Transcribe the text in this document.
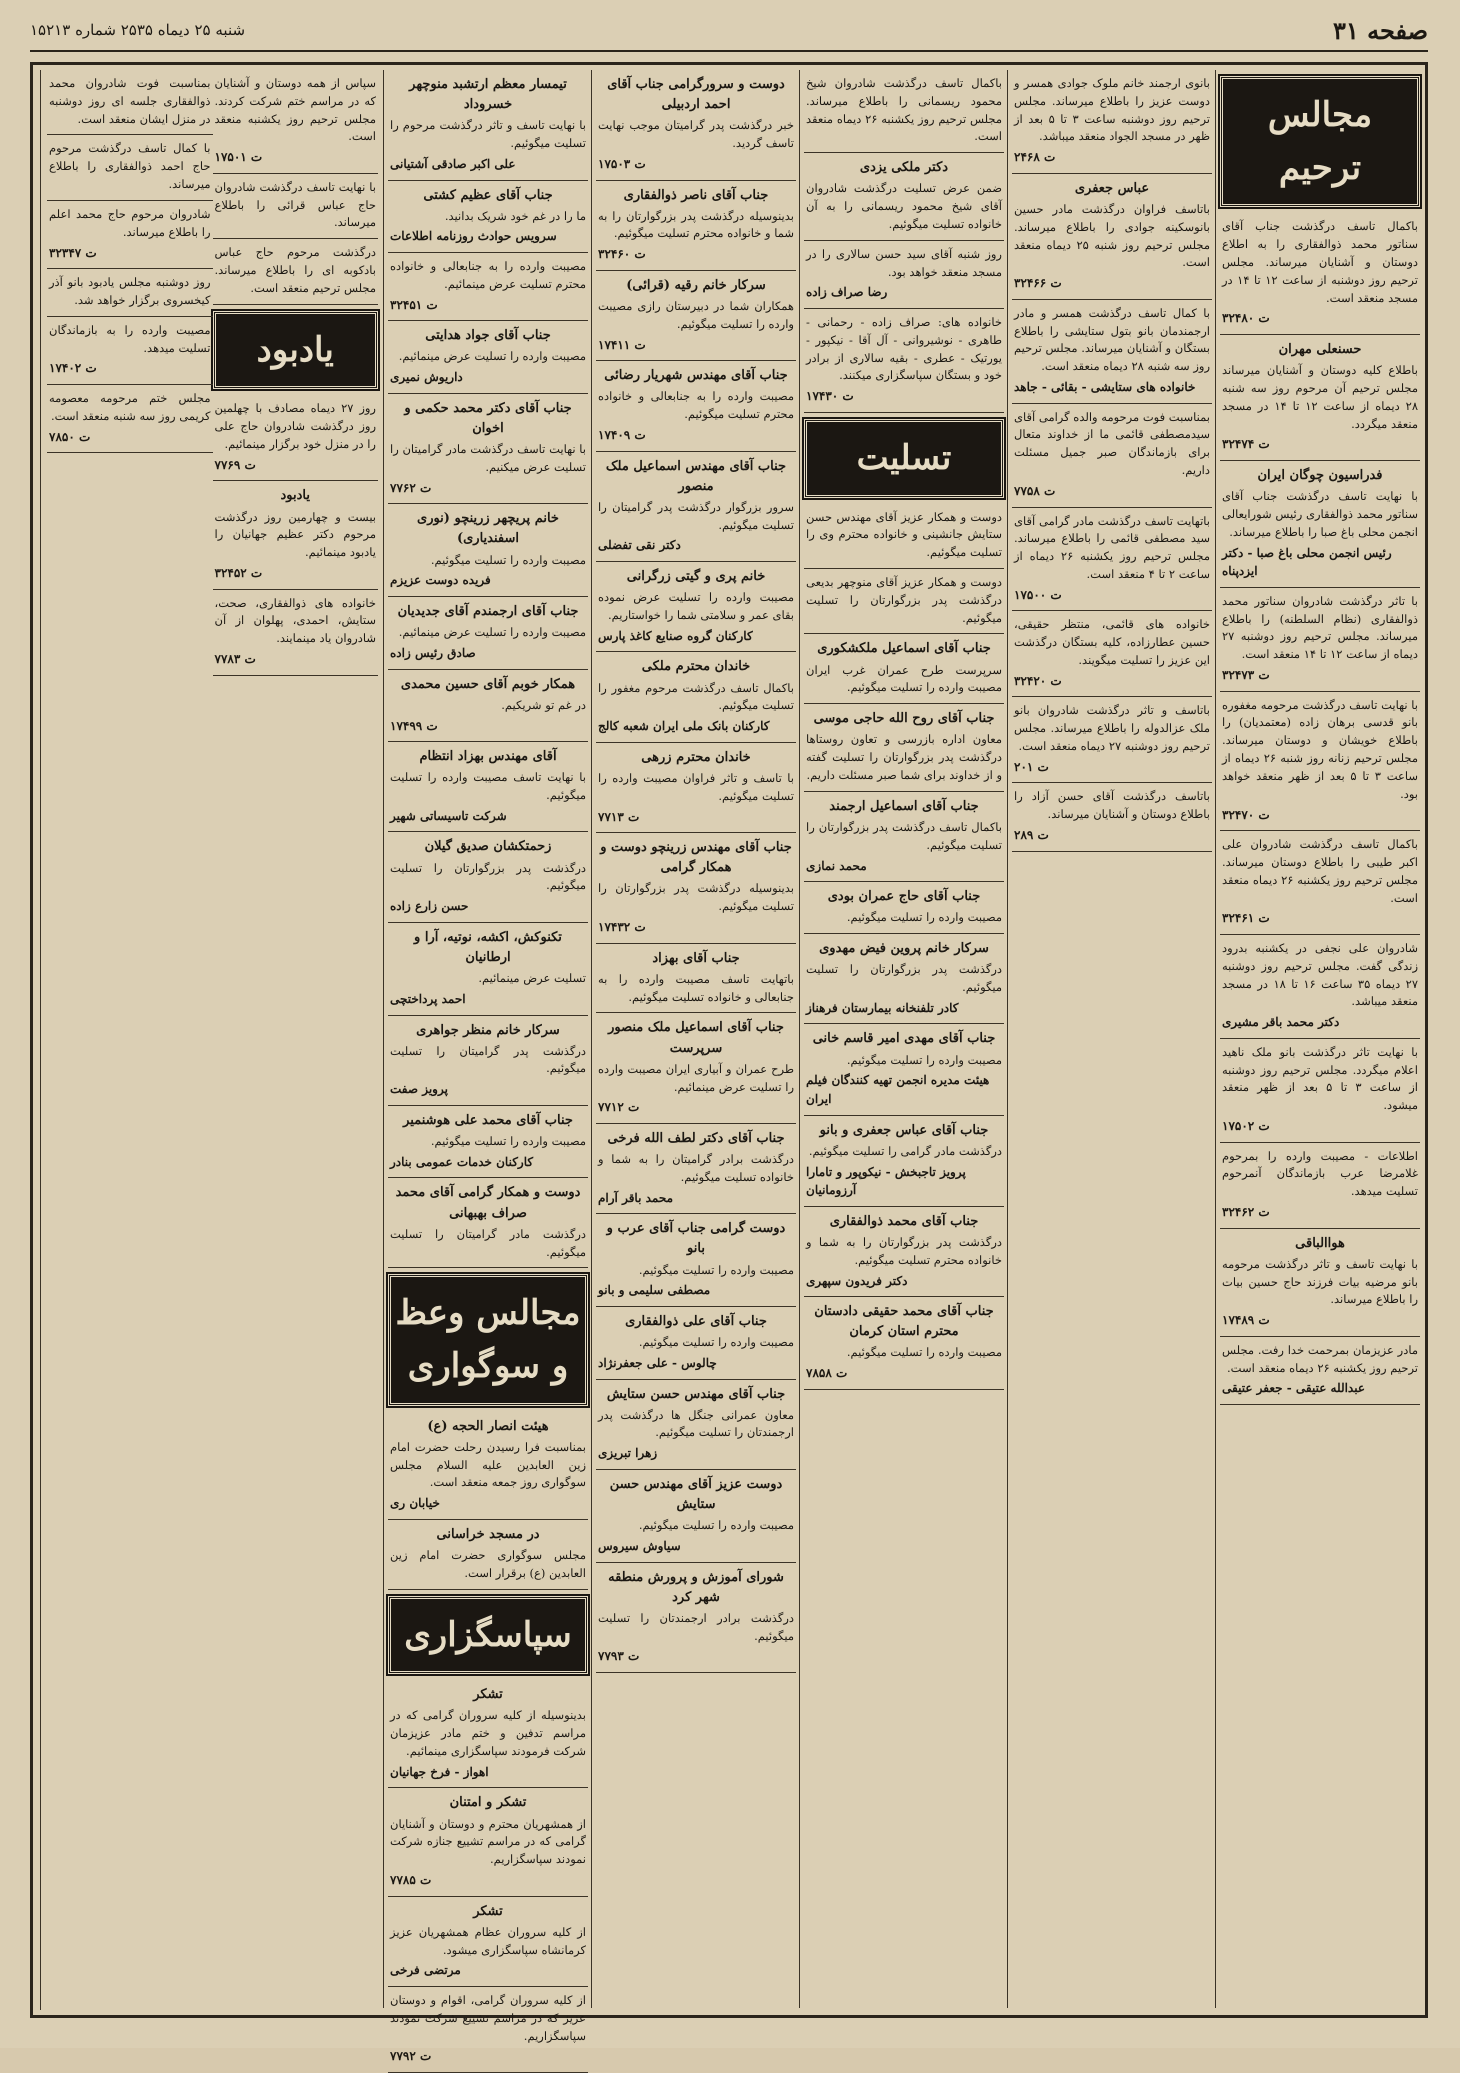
صفحه ۳۱
شنبه ۲۵ دیماه ۲۵۳۵ شماره ۱۵۲۱۳
مجالس ترحیم
باکمال تاسف درگذشت جناب آقای سناتور محمد ذوالفقاری را به اطلاع دوستان و آشنایان میرساند. مجلس ترحیم روز دوشنبه از ساعت ۱۲ تا ۱۴ در مسجد منعقد است.
ت ۳۲۴۸۰
حسنعلی مهران
باطلاع کلیه دوستان و آشنایان میرساند مجلس ترحیم آن مرحوم روز سه شنبه ۲۸ دیماه از ساعت ۱۲ تا ۱۴ در مسجد منعقد میگردد.
ت ۳۲۴۷۴
فدراسیون چوگان ایران
با نهایت تاسف درگذشت جناب آقای سناتور محمد ذوالفقاری رئیس شورایعالی انجمن محلی باغ صبا را باطلاع میرساند.
رئیس انجمن محلی باغ صبا - دکتر ایزدپناه
با تاثر درگذشت شادروان سناتور محمد ذوالفقاری (نظام السلطنه) را باطلاع میرساند. مجلس ترحیم روز دوشنبه ۲۷ دیماه از ساعت ۱۲ تا ۱۴ منعقد است.
ت ۳۲۴۷۳
با نهایت تاسف درگذشت مرحومه مغفوره بانو قدسی برهان زاده (معتمدیان) را باطلاع خویشان و دوستان میرساند. مجلس ترحیم زنانه روز شنبه ۲۶ دیماه از ساعت ۳ تا ۵ بعد از ظهر منعقد خواهد بود.
ت ۳۲۴۷۰
باکمال تاسف درگذشت شادروان علی اکبر طیبی را باطلاع دوستان میرساند. مجلس ترحیم روز یکشنبه ۲۶ دیماه منعقد است.
ت ۳۲۴۶۱
شادروان علی نجفی در یکشنبه بدرود زندگی گفت. مجلس ترحیم روز دوشنبه ۲۷ دیماه ۳۵ ساعت ۱۶ تا ۱۸ در مسجد منعقد میباشد.
دکتر محمد باقر مشیری
با نهایت تاثر درگذشت بانو ملک ناهید اعلام میگردد. مجلس ترحیم روز دوشنبه از ساعت ۳ تا ۵ بعد از ظهر منعقد میشود.
ت ۱۷۵۰۲
اطلاعات - مصیبت وارده را بمرحوم غلامرضا عرب بازماندگان آنمرحوم تسلیت میدهد.
ت ۳۲۴۶۲
هواالباقی
با نهایت تاسف و تاثر درگذشت مرحومه بانو مرضیه بیات فرزند حاج حسین بیات را باطلاع میرساند.
ت ۱۷۴۸۹
مادر عزیزمان بمرحمت خدا رفت. مجلس ترحیم روز یکشنبه ۲۶ دیماه منعقد است.
عبدالله عتیقی - جعفر عتیقی
بانوی ارجمند خانم ملوک جوادی همسر و دوست عزیز را باطلاع میرساند. مجلس ترحیم روز دوشنبه ساعت ۳ تا ۵ بعد از ظهر در مسجد الجواد منعقد میباشد.
ت ۲۴۶۸
عباس جعفری
باتاسف فراوان درگذشت مادر حسین بانوسکینه جوادی را باطلاع میرساند. مجلس ترحیم روز شنبه ۲۵ دیماه منعقد است.
ت ۳۲۴۶۶
با کمال تاسف درگذشت همسر و مادر ارجمندمان بانو بتول ستایشی را باطلاع بستگان و آشنایان میرساند. مجلس ترحیم روز سه شنبه ۲۸ دیماه منعقد است.
خانواده های ستایشی - بقائی - جاهد
بمناسبت فوت مرحومه والده گرامی آقای سیدمصطفی قائمی ما از خداوند متعال برای بازماندگان صبر جمیل مسئلت داریم.
ت ۷۷۵۸
باتهایت تاسف درگذشت مادر گرامی آقای سید مصطفی قائمی را باطلاع میرساند. مجلس ترحیم روز یکشنبه ۲۶ دیماه از ساعت ۲ تا ۴ منعقد است.
ت ۱۷۵۰۰
خانواده های قائمی، منتظر حقیقی، حسین عطارزاده، کلیه بستگان درگذشت این عزیز را تسلیت میگویند.
ت ۳۲۴۲۰
باتاسف و تاثر درگذشت شادروان بانو ملک عزالدوله را باطلاع میرساند. مجلس ترحیم روز دوشنبه ۲۷ دیماه منعقد است.
ت ۲۰۱
باتاسف درگذشت آقای حسن آزاد را باطلاع دوستان و آشنایان میرساند.
ت ۲۸۹
باکمال تاسف درگذشت شادروان شیخ محمود ریسمانی را باطلاع میرساند. مجلس ترحیم روز یکشنبه ۲۶ دیماه منعقد است.
دکتر ملکی یزدی
ضمن عرض تسلیت درگذشت شادروان آقای شیخ محمود ریسمانی را به آن خانواده تسلیت میگوئیم.
روز شنبه آقای سید حسن سالاری را در مسجد منعقد خواهد بود.
رضا صراف زاده
خانواده های: صراف زاده - رحمانی - طاهری - نوشیروانی - آل آقا - نیکپور - یورتیک - عطری - بقیه سالاری از برادر خود و بستگان سپاسگزاری میکنند.
ت ۱۷۴۳۰
تسلیت
دوست و همکار عزیز آقای مهندس حسن ستایش جانشینی و خانواده محترم وی را تسلیت میگوئیم.
دوست و همکار عزیز آقای منوچهر بدیعی درگذشت پدر بزرگوارتان را تسلیت میگوئیم.
جناب آقای اسماعیل ملکشکوری
سرپرست طرح عمران غرب ایران مصیبت وارده را تسلیت میگوئیم.
جناب آقای روح الله حاجی موسی
معاون اداره بازرسی و تعاون روستاها درگذشت پدر بزرگوارتان را تسلیت گفته و از خداوند برای شما صبر مسئلت داریم.
جناب آقای اسماعیل ارجمند
باکمال تاسف درگذشت پدر بزرگوارتان را تسلیت میگوئیم.
محمد نمازی
جناب آقای حاج عمران بودی
مصیبت وارده را تسلیت میگوئیم.
سرکار خانم پروین فیض مهدوی
درگذشت پدر بزرگوارتان را تسلیت میگوئیم.
کادر تلفنخانه بیمارستان فرهناز
جناب آقای مهدی امیر قاسم خانی
مصیبت وارده را تسلیت میگوئیم.
هیئت مدیره انجمن تهیه کنندگان فیلم ایران
جناب آقای عباس جعفری و بانو
درگذشت مادر گرامی را تسلیت میگوئیم.
پرویز تاجبخش - نیکوپور و تامارا آرزومانیان
جناب آقای محمد ذوالفقاری
درگذشت پدر بزرگوارتان را به شما و خانواده محترم تسلیت میگوئیم.
دکتر فریدون سپهری
جناب آقای محمد حقیقی دادستان محترم استان کرمان
مصیبت وارده را تسلیت میگوئیم.
ت ۷۸۵۸
دوست و سرورگرامی جناب آقای احمد اردبیلی
خبر درگذشت پدر گرامیتان موجب نهایت تاسف گردید.
ت ۱۷۵۰۳
جناب آقای ناصر ذوالفقاری
بدینوسیله درگذشت پدر بزرگوارتان را به شما و خانواده محترم تسلیت میگوئیم.
ت ۳۲۴۶۰
سرکار خانم رقیه (قرائی)
همکاران شما در دبیرستان رازی مصیبت وارده را تسلیت میگوئیم.
ت ۱۷۴۱۱
جناب آقای مهندس شهریار رضائی
مصیبت وارده را به جنابعالی و خانواده محترم تسلیت میگوئیم.
ت ۱۷۴۰۹
جناب آقای مهندس اسماعیل ملک منصور
سرور بزرگوار درگذشت پدر گرامیتان را تسلیت میگوئیم.
دکتر نقی تفضلی
خانم پری و گیتی زرگرانی
مصیبت وارده را تسلیت عرض نموده بقای عمر و سلامتی شما را خواستاریم.
کارکنان گروه صنایع کاغذ پارس
خاندان محترم ملکی
باکمال تاسف درگذشت مرحوم مغفور را تسلیت میگوئیم.
کارکنان بانک ملی ایران شعبه کالج
خاندان محترم زرهی
با تاسف و تاثر فراوان مصیبت وارده را تسلیت میگوئیم.
ت ۷۷۱۳
جناب آقای مهندس زرینچو دوست و همکار گرامی
بدینوسیله درگذشت پدر بزرگوارتان را تسلیت میگوئیم.
ت ۱۷۴۳۲
جناب آقای بهزاد
باتهایت تاسف مصیبت وارده را به جنابعالی و خانواده تسلیت میگوئیم.
جناب آقای اسماعیل ملک منصور سرپرست
طرح عمران و آبیاری ایران مصیبت وارده را تسلیت عرض مینمائیم.
ت ۷۷۱۲
جناب آقای دکتر لطف الله فرخی
درگذشت برادر گرامیتان را به شما و خانواده تسلیت میگوئیم.
محمد باقر آرام
دوست گرامی جناب آقای عرب و بانو
مصیبت وارده را تسلیت میگوئیم.
مصطفی سلیمی و بانو
جناب آقای علی ذوالفقاری
مصیبت وارده را تسلیت میگوئیم.
چالوس - علی جعفرنژاد
جناب آقای مهندس حسن ستایش
معاون عمرانی جنگل ها درگذشت پدر ارجمندتان را تسلیت میگوئیم.
زهرا تبریزی
دوست عزیز آقای مهندس حسن ستایش
مصیبت وارده را تسلیت میگوئیم.
سیاوش سیروس
شورای آموزش و پرورش منطقه شهر کرد
درگذشت برادر ارجمندتان را تسلیت میگوئیم.
ت ۷۷۹۳
تیمسار معظم ارتشبد منوچهر خسروداد
با نهایت تاسف و تاثر درگذشت مرحوم را تسلیت میگوئیم.
علی اکبر صادقی آشتیانی
جناب آقای عظیم کشتی
ما را در غم خود شریک بدانید.
سرویس حوادث روزنامه اطلاعات
مصیبت وارده را به جنابعالی و خانواده محترم تسلیت عرض مینمائیم.
ت ۳۲۴۵۱
جناب آقای جواد هدایتی
مصیبت وارده را تسلیت عرض مینمائیم.
داریوش نمیری
جناب آقای دکتر محمد حکمی و اخوان
با نهایت تاسف درگذشت مادر گرامیتان را تسلیت عرض میکنیم.
ت ۷۷۶۲
خانم پریچهر زرینچو (نوری اسفندیاری)
مصیبت وارده را تسلیت میگوئیم.
فریده دوست عزیزم
جناب آقای ارجمندم آقای جدیدیان
مصیبت وارده را تسلیت عرض مینمائیم.
صادق رئیس زاده
همکار خوبم آقای حسین محمدی
در غم تو شریکیم.
ت ۱۷۴۹۹
آقای مهندس بهزاد انتظام
با نهایت تاسف مصیبت وارده را تسلیت میگوئیم.
شرکت تاسیساتی شهیر
زحمتکشان صدیق گیلان
درگذشت پدر بزرگوارتان را تسلیت میگوئیم.
حسن زارع زاده
تکنوکش، اکشه، نوتیه، آرا و ارطانیان
تسلیت عرض مینمائیم.
احمد پرداختچی
سرکار خانم منظر جواهری
درگذشت پدر گرامیتان را تسلیت میگوئیم.
پرویز صفت
جناب آقای محمد علی هوشنمیر
مصیبت وارده را تسلیت میگوئیم.
کارکنان خدمات عمومی بنادر
دوست و همکار گرامی آقای محمد صراف بهبهانی
درگذشت مادر گرامیتان را تسلیت میگوئیم.
مجالس وعظ و سوگواری
هیئت انصار الحجه (ع)
بمناسبت فرا رسیدن رحلت حضرت امام زین العابدین علیه السلام مجلس سوگواری روز جمعه منعقد است.
خیابان ری
در مسجد خراسانی
مجلس سوگواری حضرت امام زین العابدین (ع) برقرار است.
سپاسگزاری
تشکر
بدینوسیله از کلیه سروران گرامی که در مراسم تدفین و ختم مادر عزیزمان شرکت فرمودند سپاسگزاری مینمائیم.
اهواز - فرخ جهانیان
تشکر و امتنان
از همشهریان محترم و دوستان و آشنایان گرامی که در مراسم تشییع جنازه شرکت نمودند سپاسگزاریم.
ت ۷۷۸۵
تشکر
از کلیه سروران عظام همشهریان عزیز کرمانشاه سپاسگزاری میشود.
مرتضی فرخی
از کلیه سروران گرامی، اقوام و دوستان عزیز که در مراسم تشییع شرکت نمودند سپاسگزاریم.
ت ۷۷۹۲
سپاس از همه دوستان و آشنایان که در مراسم ختم شرکت کردند. مجلس ترحیم روز یکشنبه منعقد است.
ت ۱۷۵۰۱
با نهایت تاسف درگذشت شادروان حاج عباس قرائی را باطلاع میرساند.
درگذشت مرحوم حاج عباس بادکوبه ای را باطلاع میرساند. مجلس ترحیم منعقد است.
یادبود
روز ۲۷ دیماه مصادف با چهلمین روز درگذشت شادروان حاج علی را در منزل خود برگزار مینمائیم.
ت ۷۷۶۹
یادبود
بیست و چهارمین روز درگذشت مرحوم دکتر عظیم جهانیان را یادبود مینمائیم.
ت ۳۲۴۵۲
خانواده های ذوالفقاری، صحت، ستایش، احمدی، پهلوان از آن شادروان یاد مینمایند.
ت ۷۷۸۳
بمناسبت فوت شادروان محمد ذوالفقاری جلسه ای روز دوشنبه در منزل ایشان منعقد است.
با کمال تاسف درگذشت مرحوم حاج احمد ذوالفقاری را باطلاع میرساند.
شادروان مرحوم حاج محمد اعلم را باطلاع میرساند.
ت ۳۲۳۴۷
روز دوشنبه مجلس یادبود بانو آذر کیخسروی برگزار خواهد شد.
مصیبت وارده را به بازماندگان تسلیت میدهد.
ت ۱۷۴۰۲
مجلس ختم مرحومه معصومه کریمی روز سه شنبه منعقد است.
ت ۷۸۵۰
